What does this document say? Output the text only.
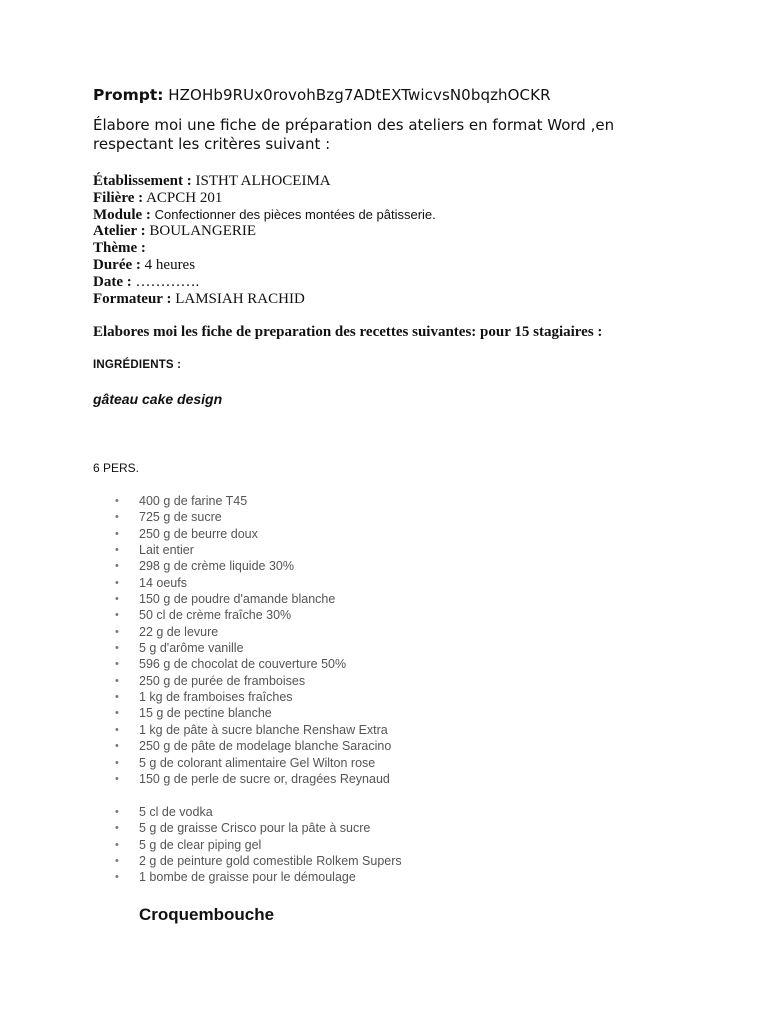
Prompt: HZOHb9RUx0rovohBzg7ADtEXTwicvsN0bqzhOCKR
Élabore moi une fiche de préparation des ateliers en format Word ,en respectant les critères suivant :
Établissement : ISTHT ALHOCEIMA
Filière : ACPCH 201
Module : Confectionner des pièces montées de pâtisserie.
Atelier : BOULANGERIE
Thème :
Durée : 4 heures
Date : ………….
Formateur : LAMSIAH RACHID
Elabores moi les fiche de preparation des recettes suivantes: pour 15 stagiaires :
INGRÉDIENTS :
gâteau cake design
6 PERS.
• 400 g de farine T45
• 725 g de sucre
• 250 g de beurre doux
• Lait entier
• 298 g de crème liquide 30%
• 14 oeufs
• 150 g de poudre d'amande blanche
• 50 cl de crème fraîche 30%
• 22 g de levure
• 5 g d'arôme vanille
• 596 g de chocolat de couverture 50%
• 250 g de purée de framboises
• 1 kg de framboises fraîches
• 15 g de pectine blanche
• 1 kg de pâte à sucre blanche Renshaw Extra
• 250 g de pâte de modelage blanche Saracino
• 5 g de colorant alimentaire Gel Wilton rose
• 150 g de perle de sucre or, dragées Reynaud
• 5 cl de vodka
• 5 g de graisse Crisco pour la pâte à sucre
• 5 g de clear piping gel
• 2 g de peinture gold comestible Rolkem Supers
• 1 bombe de graisse pour le démoulage
Croquembouche
